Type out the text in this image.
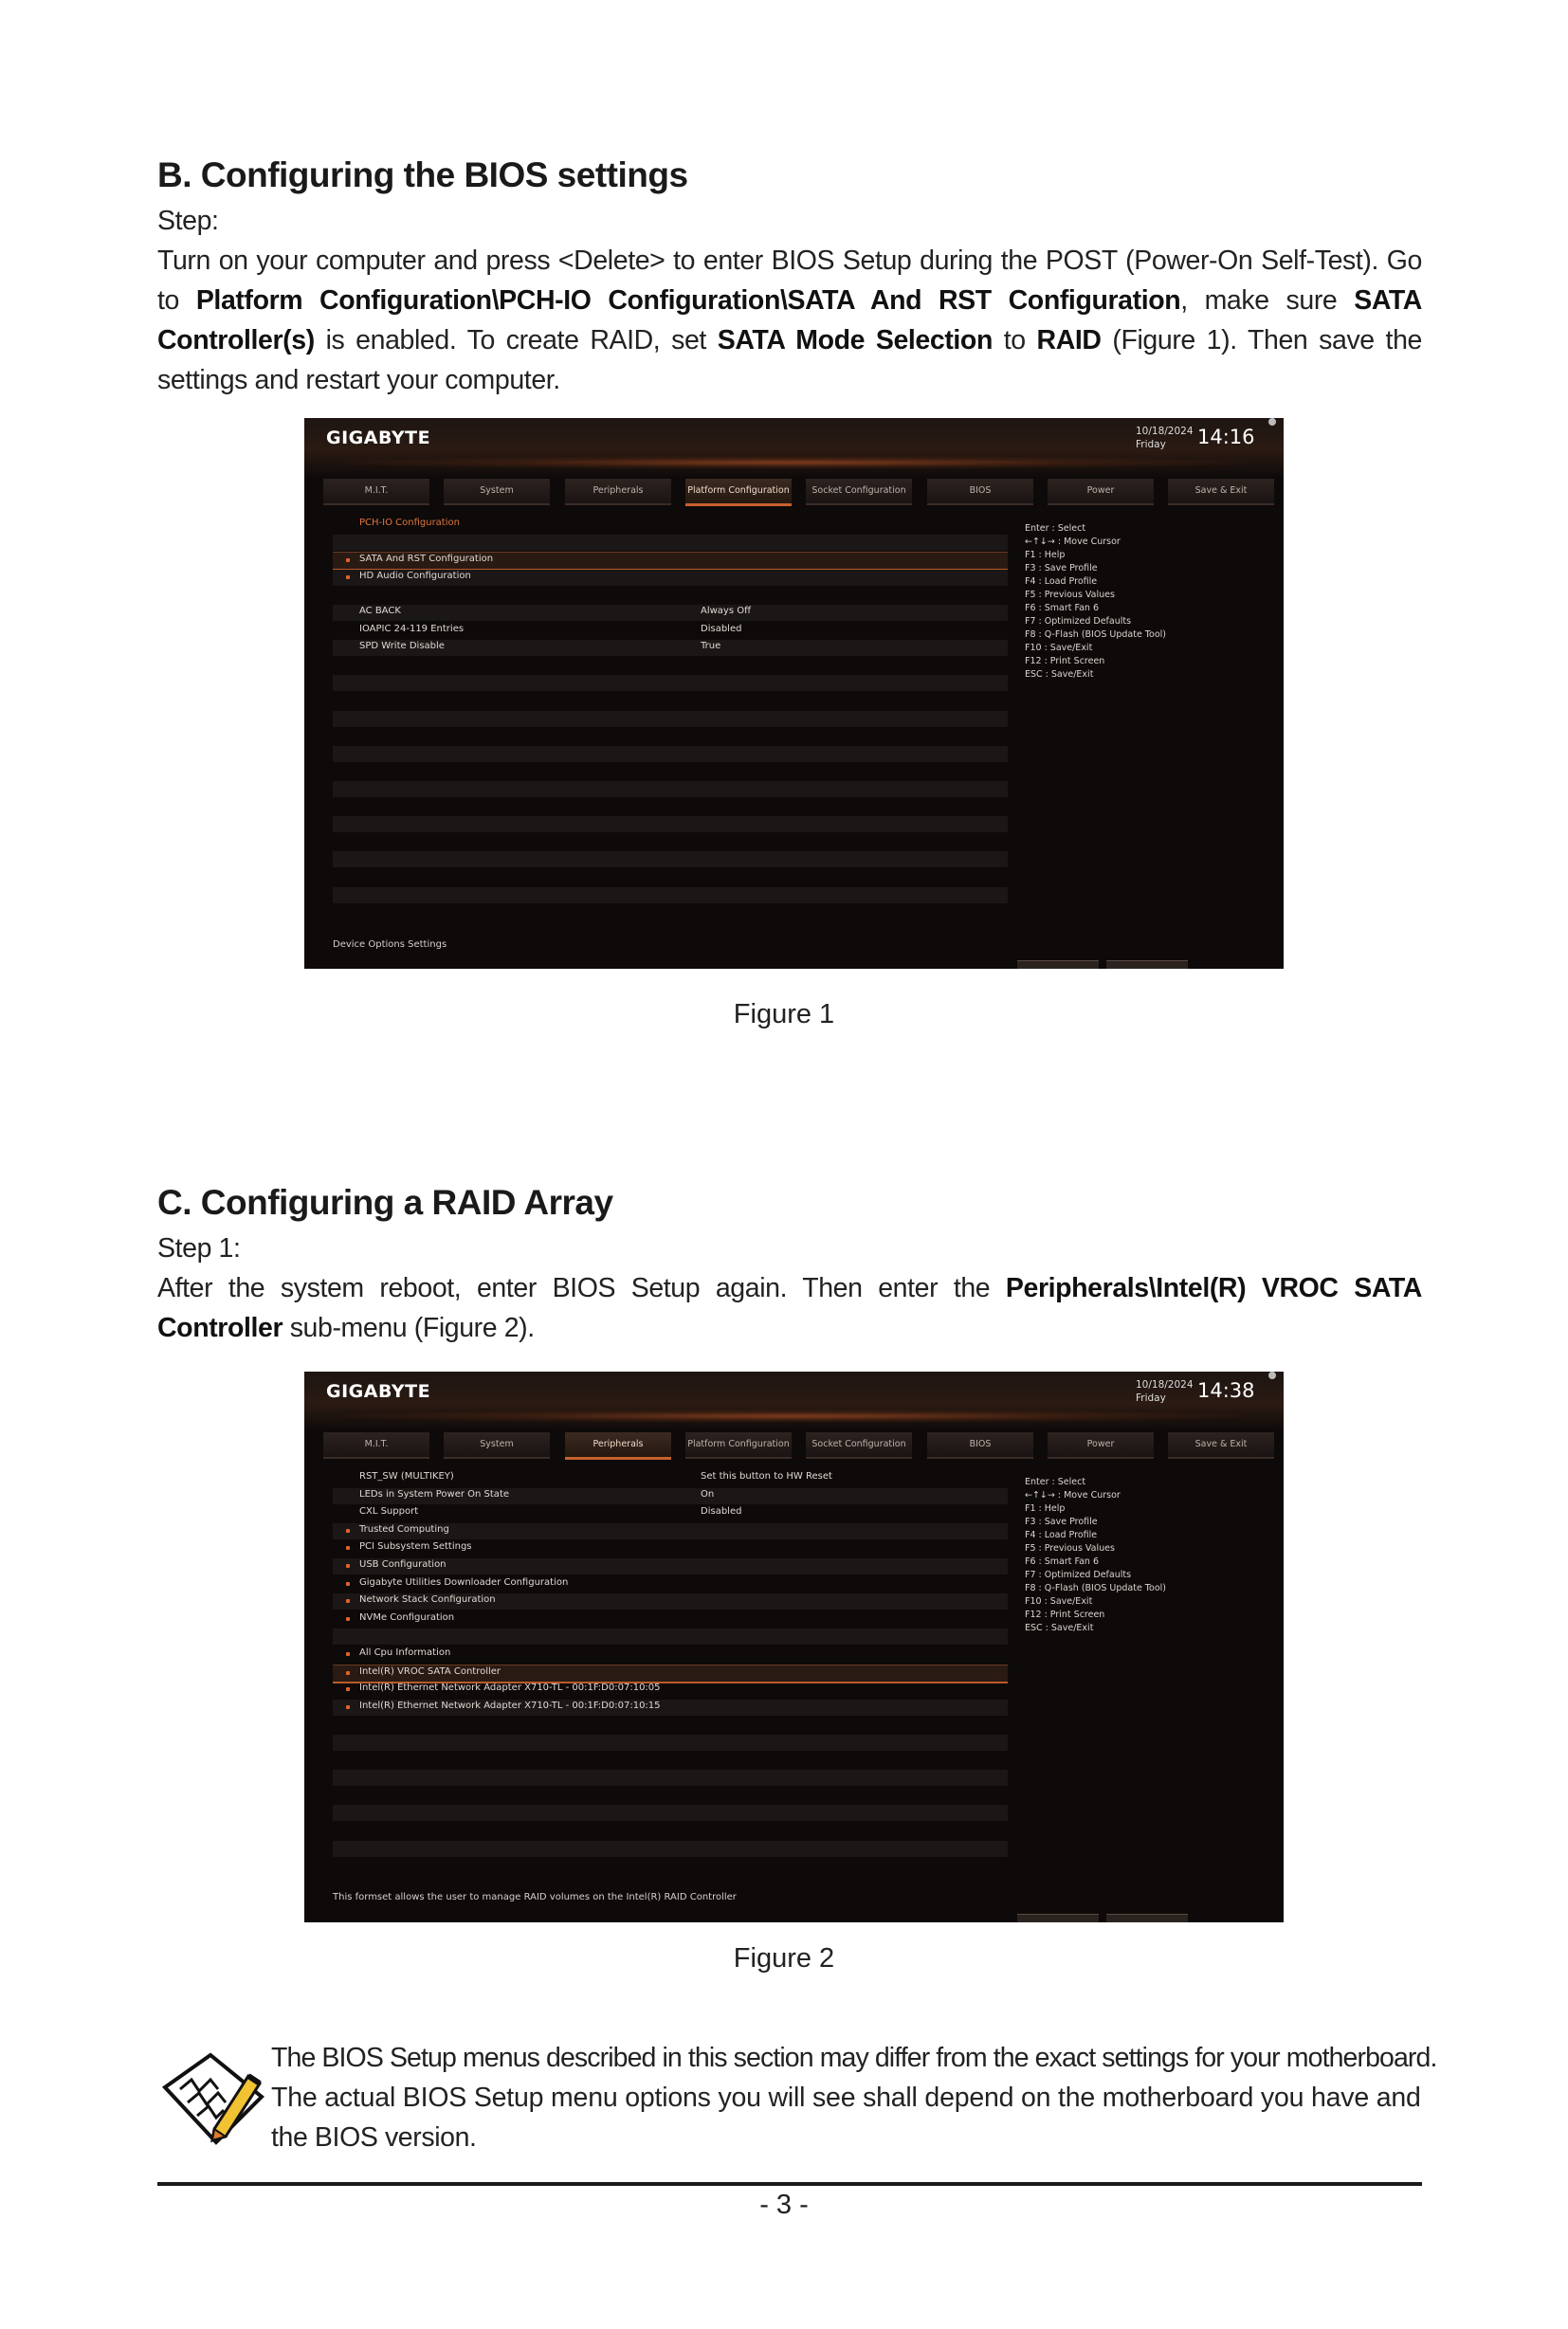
B. Configuring the BIOS settings
Step:
Turn on your computer and press <Delete> to enter BIOS Setup during the POST (Power-On Self-Test). Go to Platform Configuration\PCH-IO Configuration\SATA And RST Configuration, make sure SATA Controller(s) is enabled. To create RAID, set SATA Mode Selection to RAID (Figure 1). Then save the settings and restart your computer.
GIGABYTE	10/18/2024
Friday	14:16
M.I.T.	System	Peripherals	Platform Configuration	Socket Configuration	BIOS	Power	Save & Exit
PCH-IO Configuration
SATA And RST Configuration
HD Audio Configuration
AC BACK	Always Off
IOAPIC 24-119 Entries	Disabled
SPD Write Disable	True
Enter : Select
←↑↓→ : Move Cursor
F1 : Help
F3 : Save Profile
F4 : Load Profile
F5 : Previous Values
F6 : Smart Fan 6
F7 : Optimized Defaults
F8 : Q-Flash (BIOS Update Tool)
F10 : Save/Exit
F12 : Print Screen
ESC : Save/Exit
Device Options Settings
Figure 1
C. Configuring a RAID Array
Step 1:
After the system reboot, enter BIOS Setup again. Then enter the Peripherals\Intel(R) VROC SATA Controller sub-menu (Figure 2).
GIGABYTE	10/18/2024
Friday	14:38
M.I.T.	System	Peripherals	Platform Configuration	Socket Configuration	BIOS	Power	Save & Exit
RST_SW (MULTIKEY)	Set this button to HW Reset
LEDs in System Power On State	On
CXL Support	Disabled
Trusted Computing
PCI Subsystem Settings
USB Configuration
Gigabyte Utilities Downloader Configuration
Network Stack Configuration
NVMe Configuration
All Cpu Information
Intel(R) VROC SATA Controller
Intel(R) Ethernet Network Adapter X710-TL - 00:1F:D0:07:10:05
Intel(R) Ethernet Network Adapter X710-TL - 00:1F:D0:07:10:15
Enter : Select
←↑↓→ : Move Cursor
F1 : Help
F3 : Save Profile
F4 : Load Profile
F5 : Previous Values
F6 : Smart Fan 6
F7 : Optimized Defaults
F8 : Q-Flash (BIOS Update Tool)
F10 : Save/Exit
F12 : Print Screen
ESC : Save/Exit
This formset allows the user to manage RAID volumes on the Intel(R) RAID Controller
Figure 2
The BIOS Setup menus described in this section may differ from the exact settings for your motherboard.
The actual BIOS Setup menu options you will see shall depend on the motherboard you have and
the BIOS version.
- 3 -
